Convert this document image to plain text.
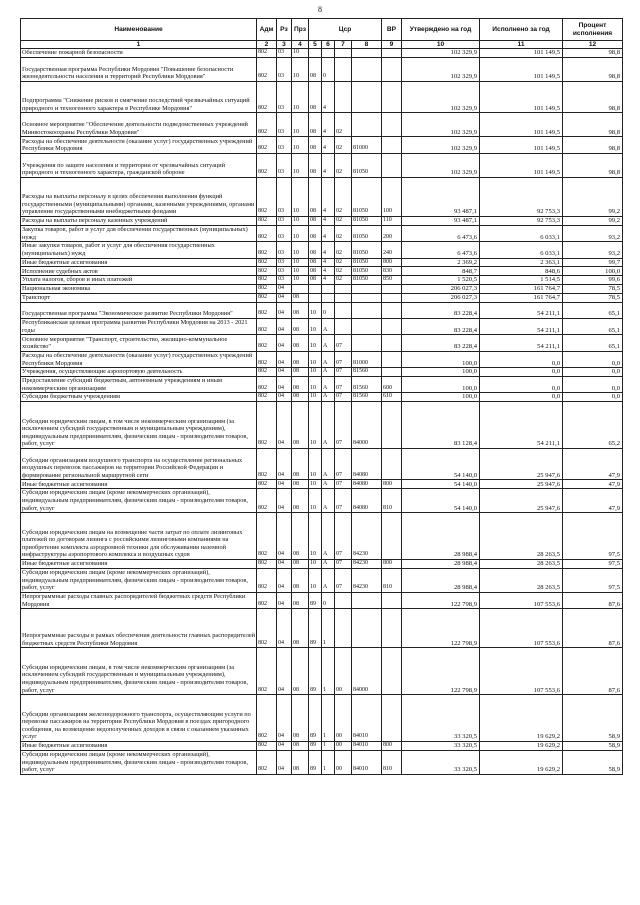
8
Наименование	Адм	Рз	Прз	Цср				ВР	Утверждено на год	Исполнено за год	Процент исполнения
1	2	3	4	5	6	7	8	9	10	11	12
Обеспечение пожарной безопасности	802	03	10						102 329,9	101 149,5	98,8
Государственная программа Республики Мордовия "Повышение безопасности жизнедеятельности населения и территорий Республики Мордовия"	802	03	10	08	0				102 329,9	101 149,5	98,8
Подпрограмма "Снижение рисков и смягчение последствий чрезвычайных ситуаций природного и техногенного характера в Республике Мордовия"	802	03	10	08	4				102 329,9	101 149,5	98,8
Основное мероприятие "Обеспечение деятельности подведомственных учреждений Минвостокоохраны Республики Мордовия"	802	03	10	08	4	02			102 329,9	101 149,5	98,8
Расходы на обеспечение деятельности (оказание услуг) государственных учреждений Республики Мордовия	802	03	10	08	4	02	81000		102 329,9	101 149,5	98,8
Учреждения по защите населения и территории от чрезвычайных ситуаций природного и техногенного характера, гражданской обороне	802	03	10	08	4	02	81050		102 329,9	101 149,5	98,8
Расходы на выплаты персоналу в целях обеспечения выполнения функций государственными (муниципальными) органами, казенными учреждениями, органами управления государственными внебюджетными фондами	802	03	10	08	4	02	81050	100	93 487,1	92 753,3	99,2
Расходы на выплаты персоналу казенных учреждений	802	03	10	08	4	02	81050	110	93 487,1	92 753,3	99,2
Закупка товаров, работ и услуг для обеспечения государственных (муниципальных) нужд	802	03	10	08	4	02	81050	200	6 473,6	6 033,1	93,2
Иные закупки товаров, работ и услуг для обеспечения государственных (муниципальных) нужд	802	03	10	08	4	02	81050	240	6 473,6	6 033,1	93,2
Иные бюджетные ассигнования	802	03	10	08	4	02	81050	800	2 369,2	2 363,1	99,7
Исполнение судебных актов	802	03	10	08	4	02	81050	830	848,7	848,6	100,0
Уплата налогов, сборов и иных платежей	802	03	10	08	4	02	81050	850	1 520,5	1 514,5	99,6
Национальная экономика	802	04							206 027,3	161 764,7	78,5
Транспорт	802	04	08						206 027,3	161 764,7	78,5
Государственная программа "Экономическое развитие Республики Мордовия"	802	04	08	10	0				83 228,4	54 211,1	65,1
Республиканская целевая программа развития Республики Мордовия на 2013 - 2021 годы	802	04	08	10	А				83 228,4	54 211,1	65,1
Основное мероприятие "Транспорт, строительство, жилищно-коммунальное хозяйство"	802	04	08	10	А	07			83 228,4	54 211,1	65,1
Расходы на обеспечение деятельности (оказание услуг) государственных учреждений Республики Мордовия	802	04	08	10	А	07	81000		100,0	0,0	0,0
Учреждения, осуществляющие аэропортовую деятельность	802	04	08	10	А	07	81560		100,0	0,0	0,0
Предоставление субсидий бюджетным, автономным учреждениям и иным некоммерческим организациям	802	04	08	10	А	07	81560	600	100,0	0,0	0,0
Субсидии бюджетным учреждениям	802	04	08	10	А	07	81560	610	100,0	0,0	0,0
Субсидии юридическим лицам, в том числе некоммерческим организациям (за исключением субсидий государственным и муниципальным учреждениям), индивидуальным предпринимателям, физическим лицам - производителям товаров, работ, услуг	802	04	08	10	А	07	84000		83 128,4	54 211,1	65,2
Субсидии организациям воздушного транспорта на осуществление региональных воздушных перевозок пассажиров на территории Российской Федерации и формирование региональной маршрутной сети	802	04	08	10	А	07	84080		54 140,0	25 947,6	47,9
Иные бюджетные ассигнования	802	04	08	10	А	07	84080	800	54 140,0	25 947,6	47,9
Субсидии юридическим лицам (кроме некоммерческих организаций), индивидуальным предпринимателям, физическим лицам - производителям товаров, работ, услуг	802	04	08	10	А	07	84080	810	54 140,0	25 947,6	47,9
Субсидии юридическим лицам на возмещение части затрат по оплате лизинговых платежей по договорам лизинга с российскими лизинговыми компаниями на приобретение комплекта аэродромной техники для обслуживания наземной инфраструктуры аэропортового комплекса и воздушных судов	802	04	08	10	А	07	84230		28 988,4	28 263,5	97,5
Иные бюджетные ассигнования	802	04	08	10	А	07	84230	800	28 988,4	28 263,5	97,5
Субсидии юридическим лицам (кроме некоммерческих организаций), индивидуальным предпринимателям, физическим лицам - производителям товаров, работ, услуг	802	04	08	10	А	07	84230	810	28 988,4	28 263,5	97,5
Непрограммные расходы главных распорядителей бюджетных средств Республики Мордовия	802	04	08	89	0				122 798,9	107 553,6	87,6
Непрограммные расходы в рамках обеспечения деятельности главных распорядителей бюджетных средств Республики Мордовия	802	04	08	89	1				122 798,9	107 553,6	87,6
Субсидии юридическим лицам, в том числе некоммерческим организациям (за исключением субсидий государственным и муниципальным учреждениям), индивидуальным предпринимателям, физическим лицам - производителям товаров, работ, услуг	802	04	08	89	1	00	84000		122 798,9	107 553,6	87,6
Субсидии организациям железнодорожного транспорта, осуществляющим услуги по перевозке пассажиров на территории Республики Мордовия в поездах пригородного сообщения, на возмещение недополученных доходов в связи с оказанием указанных услуг	802	04	08	89	1	00	84010		33 320,5	19 629,2	58,9
Иные бюджетные ассигнования	802	04	08	89	1	00	84010	800	33 320,5	19 629,2	58,9
Субсидии юридическим лицам (кроме некоммерческих организаций), индивидуальным предпринимателям, физическим лицам - производителям товаров, работ, услуг	802	04	08	89	1	00	84010	810	33 320,5	19 629,2	58,9
